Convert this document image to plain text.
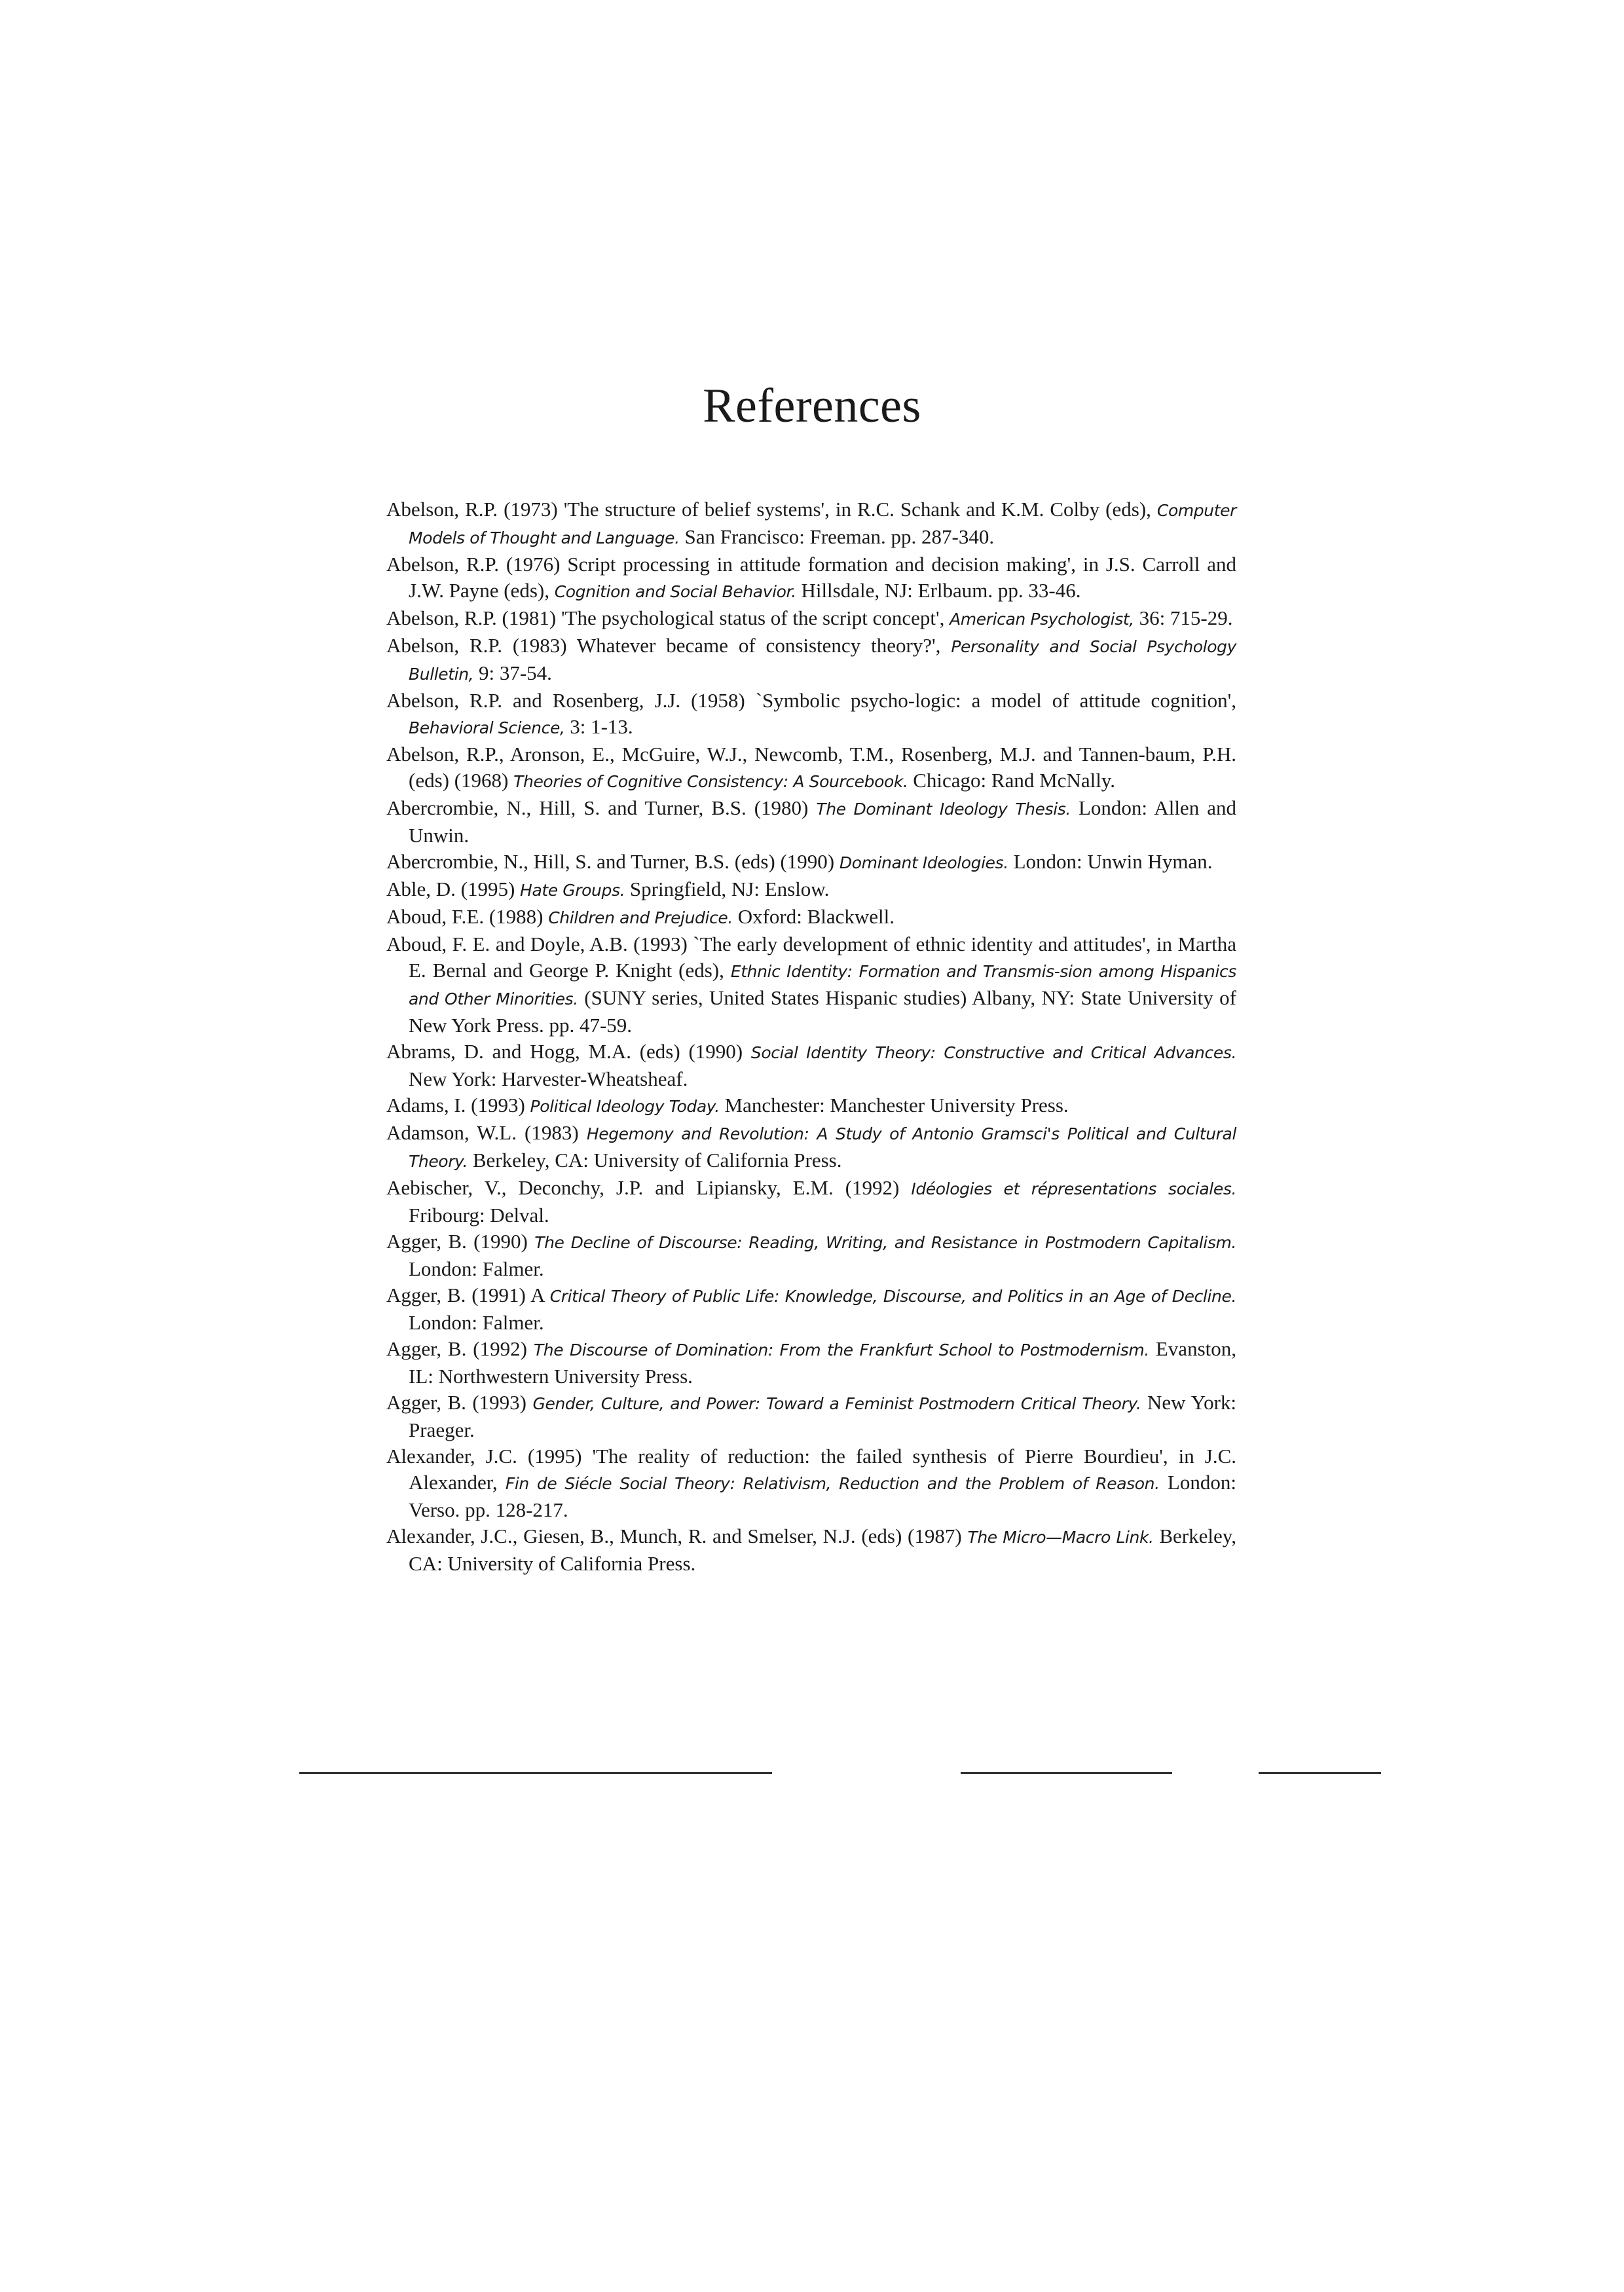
References
Abelson, R.P. (1973) 'The structure of belief systems', in R.C. Schank and K.M. Colby (eds), Computer Models of Thought and Language. San Francisco: Freeman. pp. 287-340.
Abelson, R.P. (1976) Script processing in attitude formation and decision making', in J.S. Carroll and J.W. Payne (eds), Cognition and Social Behavior. Hillsdale, NJ: Erlbaum. pp. 33-46.
Abelson, R.P. (1981) 'The psychological status of the script concept', American Psychologist, 36: 715-29.
Abelson, R.P. (1983) Whatever became of consistency theory?', Personality and Social Psychology Bulletin, 9: 37-54.
Abelson, R.P. and Rosenberg, J.J. (1958) `Symbolic psycho-logic: a model of attitude cognition', Behavioral Science, 3: 1-13.
Abelson, R.P., Aronson, E., McGuire, W.J., Newcomb, T.M., Rosenberg, M.J. and Tannen-baum, P.H. (eds) (1968) Theories of Cognitive Consistency: A Sourcebook. Chicago: Rand McNally.
Abercrombie, N., Hill, S. and Turner, B.S. (1980) The Dominant Ideology Thesis. London: Allen and Unwin.
Abercrombie, N., Hill, S. and Turner, B.S. (eds) (1990) Dominant Ideologies. London: Unwin Hyman.
Able, D. (1995) Hate Groups. Springfield, NJ: Enslow.
Aboud, F.E. (1988) Children and Prejudice. Oxford: Blackwell.
Aboud, F. E. and Doyle, A.B. (1993) `The early development of ethnic identity and attitudes', in Martha E. Bernal and George P. Knight (eds), Ethnic Identity: Formation and Transmis-sion among Hispanics and Other Minorities. (SUNY series, United States Hispanic studies) Albany, NY: State University of New York Press. pp. 47-59.
Abrams, D. and Hogg, M.A. (eds) (1990) Social Identity Theory: Constructive and Critical Advances. New York: Harvester-Wheatsheaf.
Adams, I. (1993) Political Ideology Today. Manchester: Manchester University Press.
Adamson, W.L. (1983) Hegemony and Revolution: A Study of Antonio Gramsci's Political and Cultural Theory. Berkeley, CA: University of California Press.
Aebischer, V., Deconchy, J.P. and Lipiansky, E.M. (1992) Idéologies et répresentations sociales. Fribourg: Delval.
Agger, B. (1990) The Decline of Discourse: Reading, Writing, and Resistance in Postmodern Capitalism. London: Falmer.
Agger, B. (1991) A Critical Theory of Public Life: Knowledge, Discourse, and Politics in an Age of Decline. London: Falmer.
Agger, B. (1992) The Discourse of Domination: From the Frankfurt School to Postmodernism. Evanston, IL: Northwestern University Press.
Agger, B. (1993) Gender, Culture, and Power: Toward a Feminist Postmodern Critical Theory. New York: Praeger.
Alexander, J.C. (1995) 'The reality of reduction: the failed synthesis of Pierre Bourdieu', in J.C. Alexander, Fin de Siécle Social Theory: Relativism, Reduction and the Problem of Reason. London: Verso. pp. 128-217.
Alexander, J.C., Giesen, B., Munch, R. and Smelser, N.J. (eds) (1987) The Micro—Macro Link. Berkeley, CA: University of California Press.
